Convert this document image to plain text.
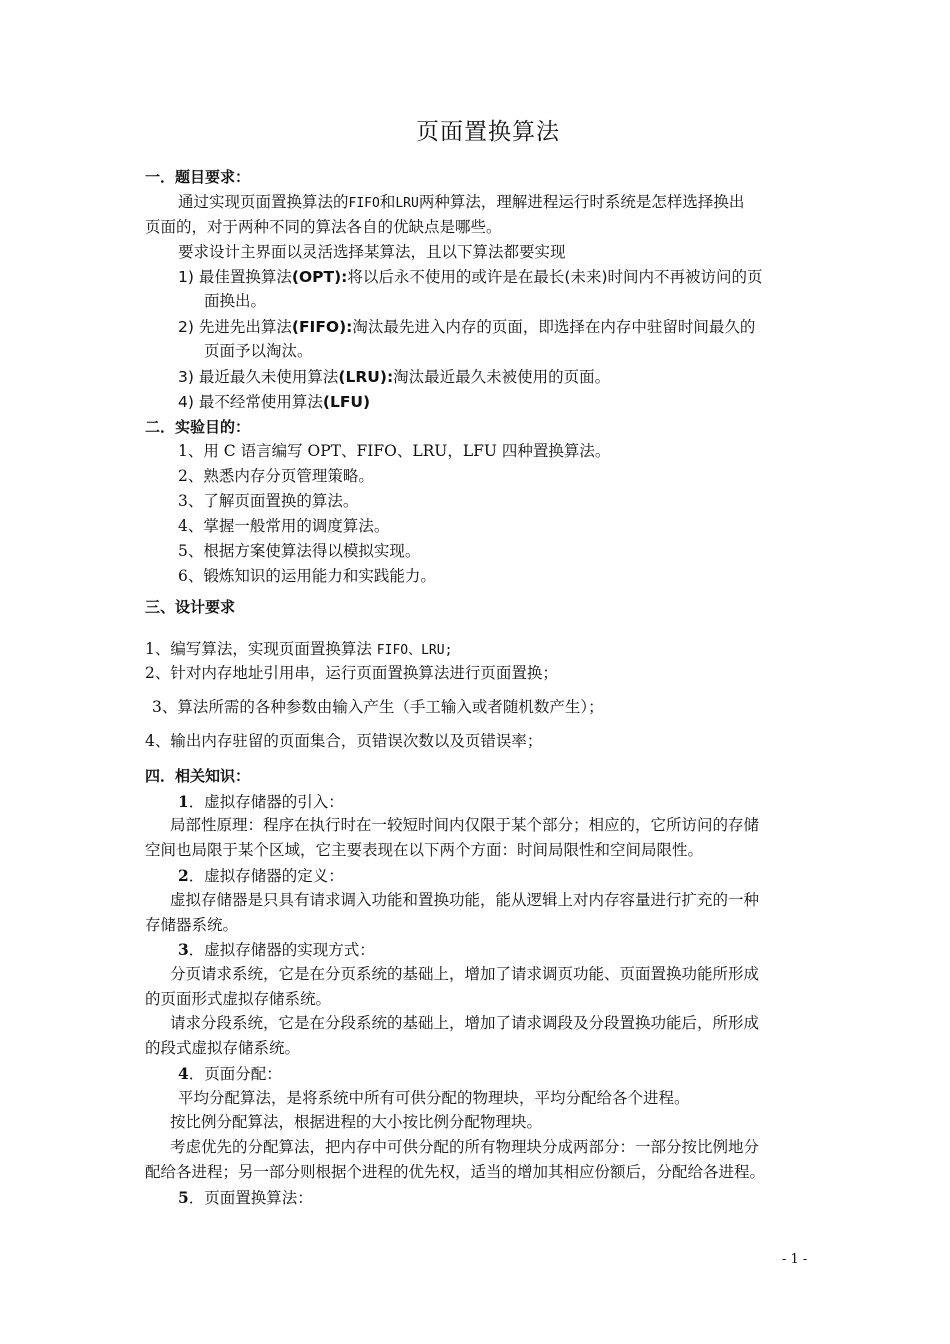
页面置换算法
一．题目要求：
通过实现页面置换算法的FIFO和LRU两种算法，理解进程运行时系统是怎样选择换出
页面的，对于两种不同的算法各自的优缺点是哪些。
要求设计主界面以灵活选择某算法，且以下算法都要实现
1) 最佳置换算法(OPT):将以后永不使用的或许是在最长(未来)时间内不再被访问的页
面换出。
2) 先进先出算法(FIFO):淘汰最先进入内存的页面，即选择在内存中驻留时间最久的
页面予以淘汰。
3) 最近最久未使用算法(LRU):淘汰最近最久未被使用的页面。
4) 最不经常使用算法(LFU)
二．实验目的：
1、用 C 语言编写 OPT、FIFO、LRU，LFU 四种置换算法。
2、熟悉内存分页管理策略。
3、了解页面置换的算法。
4、掌握一般常用的调度算法。
5、根据方案使算法得以模拟实现。
6、锻炼知识的运用能力和实践能力。
三、设计要求
1、编写算法，实现页面置换算法 FIFO、LRU;
2、针对内存地址引用串，运行页面置换算法进行页面置换；
3、算法所需的各种参数由输入产生（手工输入或者随机数产生）；
4、输出内存驻留的页面集合，页错误次数以及页错误率；
四．相关知识：
1．虚拟存储器的引入：
局部性原理：程序在执行时在一较短时间内仅限于某个部分；相应的，它所访问的存储
空间也局限于某个区域，它主要表现在以下两个方面：时间局限性和空间局限性。
2．虚拟存储器的定义：
虚拟存储器是只具有请求调入功能和置换功能，能从逻辑上对内存容量进行扩充的一种
存储器系统。
3．虚拟存储器的实现方式：
分页请求系统，它是在分页系统的基础上，增加了请求调页功能、页面置换功能所形成
的页面形式虚拟存储系统。
请求分段系统，它是在分段系统的基础上，增加了请求调段及分段置换功能后，所形成
的段式虚拟存储系统。
4．页面分配：
平均分配算法，是将系统中所有可供分配的物理块，平均分配给各个进程。
按比例分配算法，根据进程的大小按比例分配物理块。
考虑优先的分配算法，把内存中可供分配的所有物理块分成两部分：一部分按比例地分
配给各进程；另一部分则根据个进程的优先权，适当的增加其相应份额后，分配给各进程。
5．页面置换算法：
- 1 -
